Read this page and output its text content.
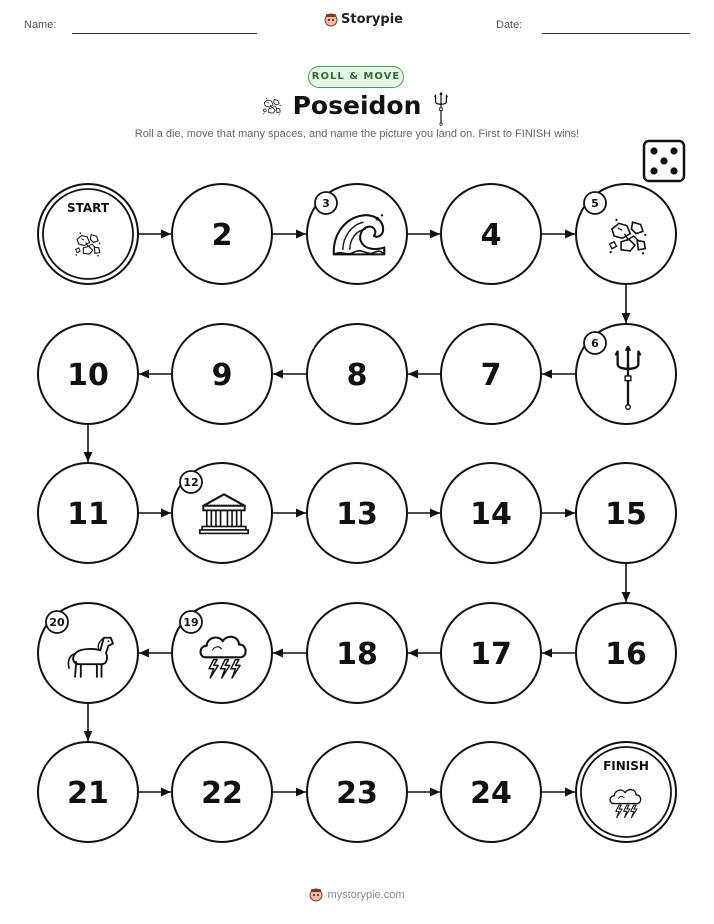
Name:	Storypie	Date:
ROLL & MOVE
Poseidon
Roll a die, move that many spaces, and name the picture you land on. First to FINISH wins!
START
2
3
4
5
6
7
8
9
10
11
12
13	14	15
16
17
18
19
20
21	22	23	24
FINISH
mystorypie.com
